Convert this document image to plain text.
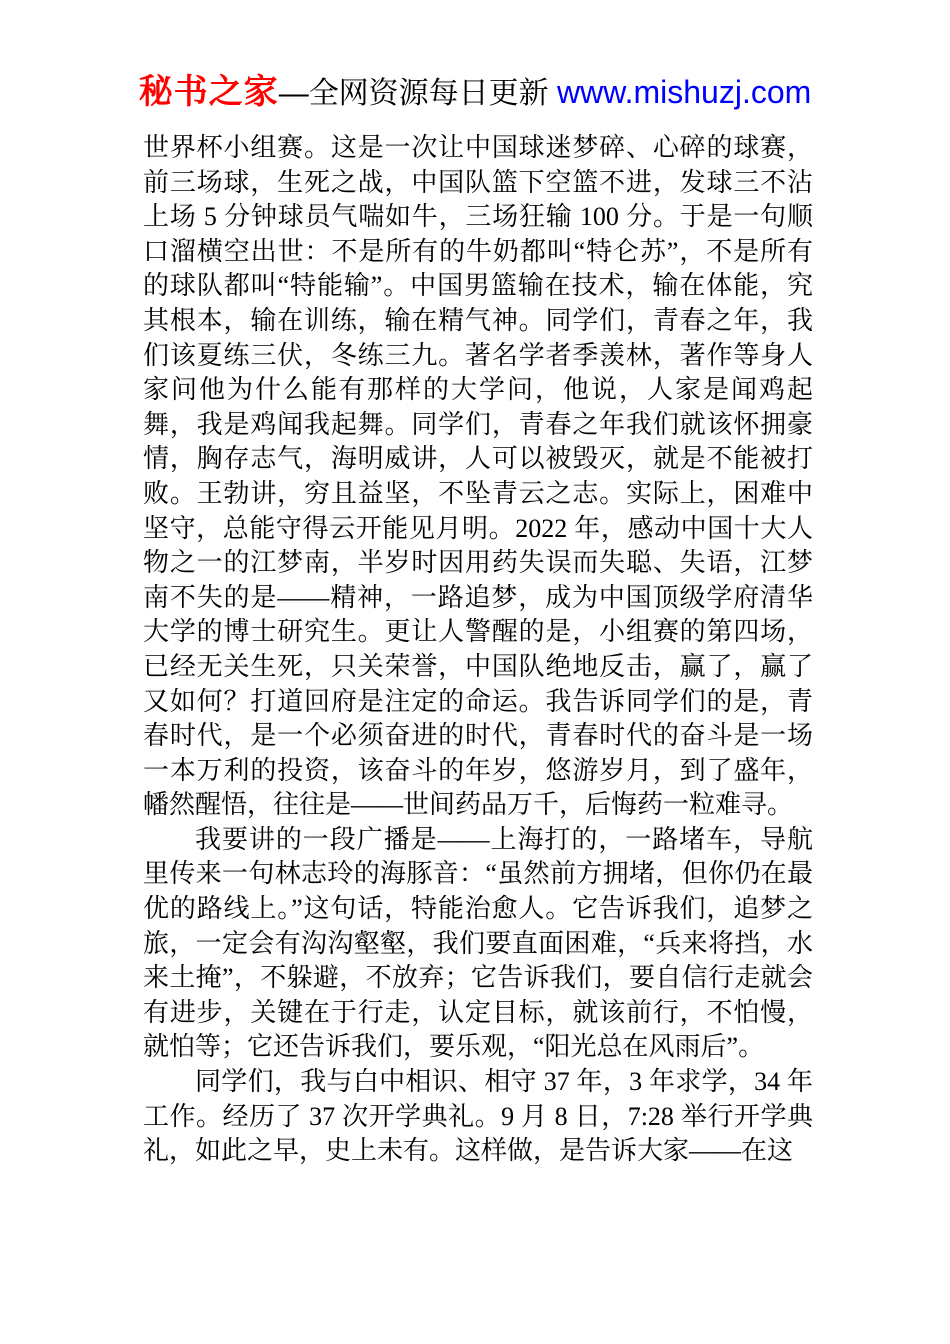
秘书之家—全网资源每日更新 www.mishuzj.com

世界杯小组赛。这是一次让中国球迷梦碎、心碎的球赛，前三场球，生死之战，中国队篮下空篮不进，发球三不沾上场 5 分钟球员气喘如牛，三场狂输 100 分。于是一句顺口溜横空出世：不是所有的牛奶都叫“特仑苏”，不是所有的球队都叫“特能输”。中国男篮输在技术，输在体能，究其根本，输在训练，输在精气神。同学们，青春之年，我们该夏练三伏，冬练三九。著名学者季羡林，著作等身人家问他为什么能有那样的大学问，他说，人家是闻鸡起舞，我是鸡闻我起舞。同学们，青春之年我们就该怀拥豪情，胸存志气，海明威讲，人可以被毁灭，就是不能被打败。王勃讲，穷且益坚，不坠青云之志。实际上，困难中坚守，总能守得云开能见月明。2022 年，感动中国十大人物之一的江梦南，半岁时因用药失误而失聪、失语，江梦南不失的是——精神，一路追梦，成为中国顶级学府清华大学的博士研究生。更让人警醒的是，小组赛的第四场，已经无关生死，只关荣誉，中国队绝地反击，赢了，赢了又如何？打道回府是注定的命运。我告诉同学们的是，青春时代，是一个必须奋进的时代，青春时代的奋斗是一场一本万利的投资，该奋斗的年岁，悠游岁月，到了盛年，幡然醒悟，往往是——世间药品万千，后悔药一粒难寻。

我要讲的一段广播是——上海打的，一路堵车，导航里传来一句林志玲的海豚音：“虽然前方拥堵，但你仍在最优的路线上。”这句话，特能治愈人。它告诉我们，追梦之旅，一定会有沟沟壑壑，我们要直面困难，“兵来将挡，水来土掩”，不躲避，不放弃；它告诉我们，要自信行走就会有进步，关键在于行走，认定目标，就该前行，不怕慢，就怕等；它还告诉我们，要乐观，“阳光总在风雨后”。

同学们，我与白中相识、相守 37 年，3 年求学，34 年工作。经历了 37 次开学典礼。9 月 8 日，7:28 举行开学典礼，如此之早，史上未有。这样做，是告诉大家——在这
